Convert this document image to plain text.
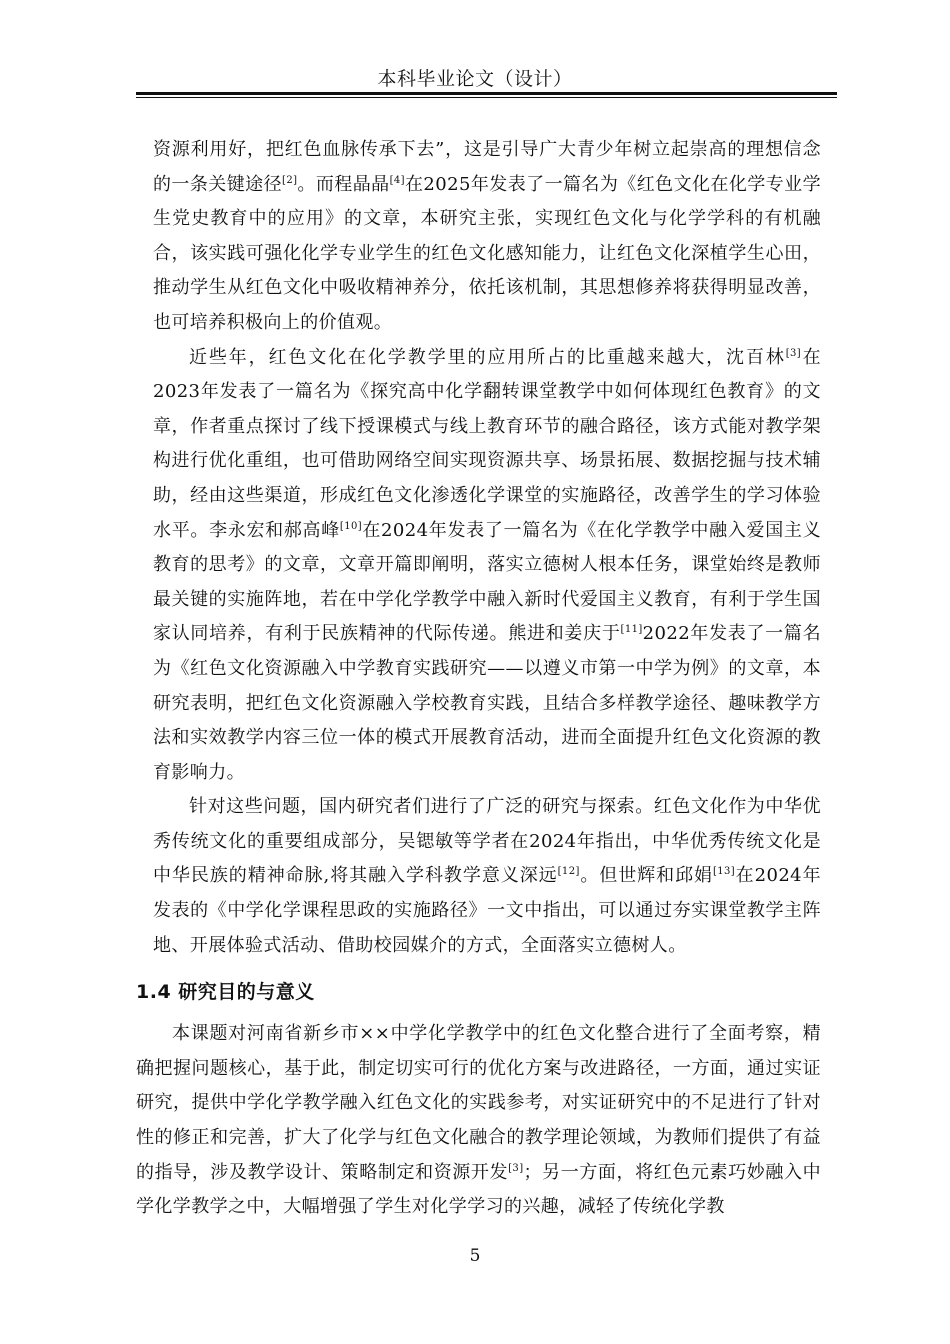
本科毕业论文（设计）

资源利用好，把红色血脉传承下去”，这是引导广大青少年树立起崇高的理想信念的一条关键途径[2]。而程晶晶[4]在2025年发表了一篇名为《红色文化在化学专业学生党史教育中的应用》的文章，本研究主张，实现红色文化与化学学科的有机融合，该实践可强化化学专业学生的红色文化感知能力，让红色文化深植学生心田，推动学生从红色文化中吸收精神养分，依托该机制，其思想修养将获得明显改善，也可培养积极向上的价值观。

近些年，红色文化在化学教学里的应用所占的比重越来越大，沈百林[3]在2023年发表了一篇名为《探究高中化学翻转课堂教学中如何体现红色教育》的文章，作者重点探讨了线下授课模式与线上教育环节的融合路径，该方式能对教学架构进行优化重组，也可借助网络空间实现资源共享、场景拓展、数据挖掘与技术辅助，经由这些渠道，形成红色文化渗透化学课堂的实施路径，改善学生的学习体验水平。李永宏和郝高峰[10]在2024年发表了一篇名为《在化学教学中融入爱国主义教育的思考》的文章，文章开篇即阐明，落实立德树人根本任务，课堂始终是教师最关键的实施阵地，若在中学化学教学中融入新时代爱国主义教育，有利于学生国家认同培养，有利于民族精神的代际传递。熊进和姜庆于[11]2022年发表了一篇名为《红色文化资源融入中学教育实践研究——以遵义市第一中学为例》的文章，本研究表明，把红色文化资源融入学校教育实践，且结合多样教学途径、趣味教学方法和实效教学内容三位一体的模式开展教育活动，进而全面提升红色文化资源的教育影响力。

针对这些问题，国内研究者们进行了广泛的研究与探索。红色文化作为中华优秀传统文化的重要组成部分，吴锶敏等学者在2024年指出，中华优秀传统文化是中华民族的精神命脉,将其融入学科教学意义深远[12]。但世辉和邱娟[13]在2024年发表的《中学化学课程思政的实施路径》一文中指出，可以通过夯实课堂教学主阵地、开展体验式活动、借助校园媒介的方式，全面落实立德树人。

1.4 研究目的与意义

本课题对河南省新乡市××中学化学教学中的红色文化整合进行了全面考察，精确把握问题核心，基于此，制定切实可行的优化方案与改进路径，一方面，通过实证研究，提供中学化学教学融入红色文化的实践参考，对实证研究中的不足进行了针对性的修正和完善，扩大了化学与红色文化融合的教学理论领域，为教师们提供了有益的指导，涉及教学设计、策略制定和资源开发[3]；另一方面，将红色元素巧妙融入中学化学教学之中，大幅增强了学生对化学学习的兴趣，减轻了传统化学教

5
